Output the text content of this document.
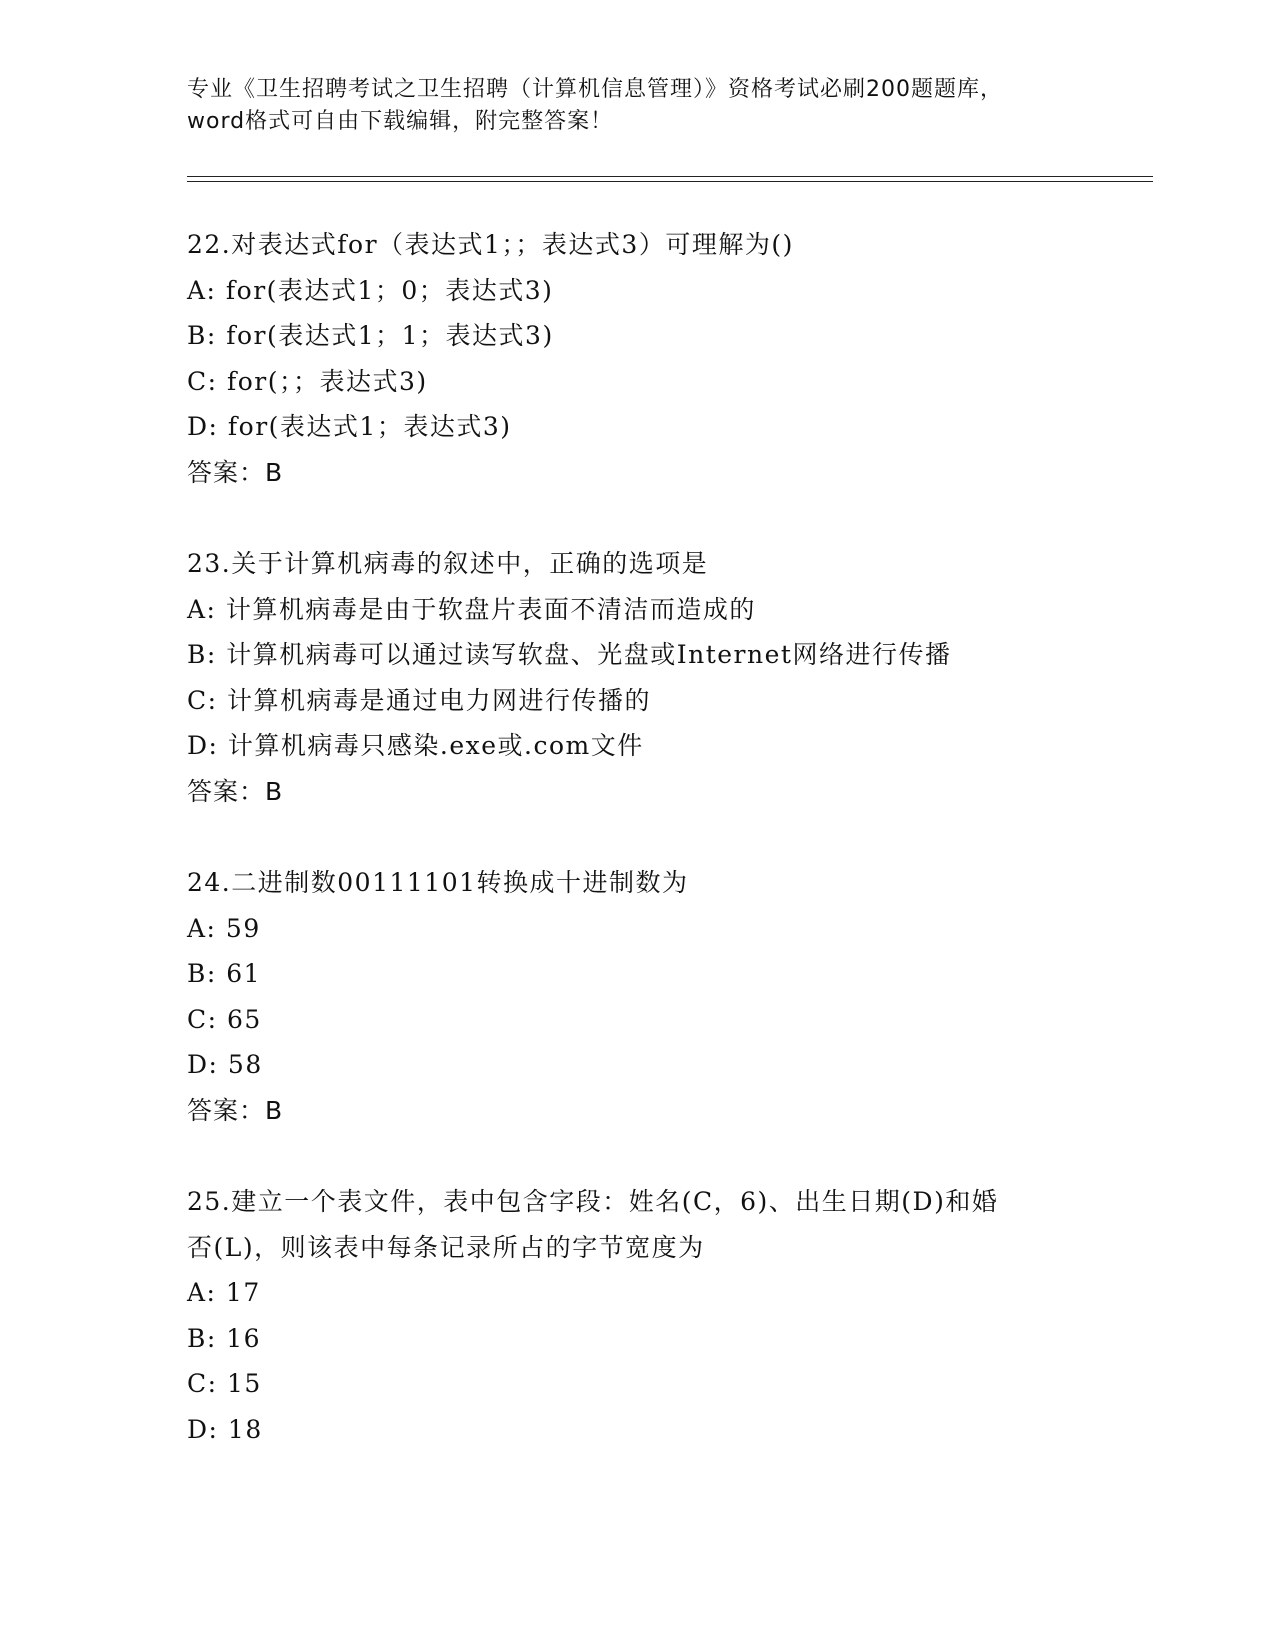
专业《卫生招聘考试之卫生招聘（计算机信息管理）》资格考试必刷200题题库，
word格式可自由下载编辑，附完整答案！
22.对表达式for（表达式1；；表达式3）可理解为()
A: for(表达式1；0；表达式3)
B: for(表达式1；1；表达式3)
C: for(；；表达式3)
D: for(表达式1；表达式3)
答案：B
23.关于计算机病毒的叙述中，正确的选项是
A: 计算机病毒是由于软盘片表面不清洁而造成的
B: 计算机病毒可以通过读写软盘、光盘或Internet网络进行传播
C: 计算机病毒是通过电力网进行传播的
D: 计算机病毒只感染.exe或.com文件
答案：B
24.二进制数00111101转换成十进制数为
A: 59
B: 61
C: 65
D: 58
答案：B
25.建立一个表文件，表中包含字段：姓名(C，6)、出生日期(D)和婚
否(L)，则该表中每条记录所占的字节宽度为
A: 17
B: 16
C: 15
D: 18
